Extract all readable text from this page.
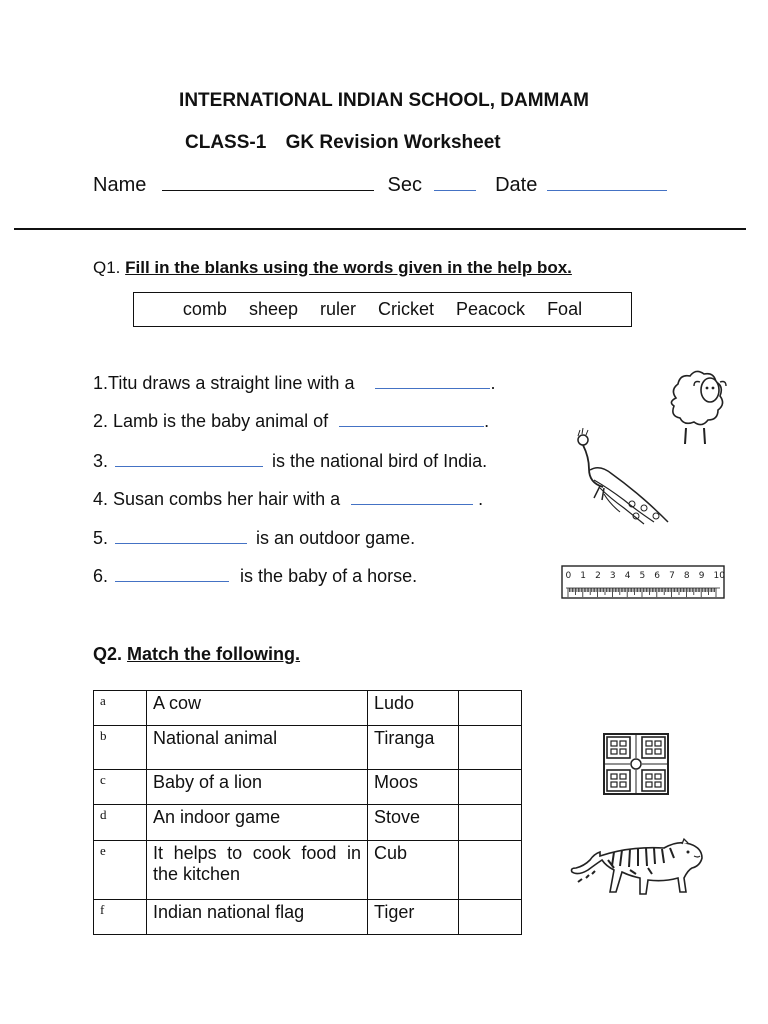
INTERNATIONAL INDIAN SCHOOL, DAMMAM
CLASS-1 GK Revision Worksheet
Name	Sec	Date
Q1. Fill in the blanks using the words given in the help box.
comb sheep ruler Cricket Peacock Foal
1.Titu draws a straight line with a	.
2. Lamb is the baby animal of	.
3.	is the national bird of India.
4. Susan combs her hair with a	.
5.	is an outdoor game.
6.	is the baby of a horse.	0 1 2 3 4 5 6 7 8 9 10
Q2. Match the following.
a	A cow	Ludo	
b	National animal	Tiranga	
c	Baby of a lion	Moos	
d	An indoor game	Stove	
e	It helps to cook food in the kitchen	Cub	
f	Indian national flag	Tiger	
